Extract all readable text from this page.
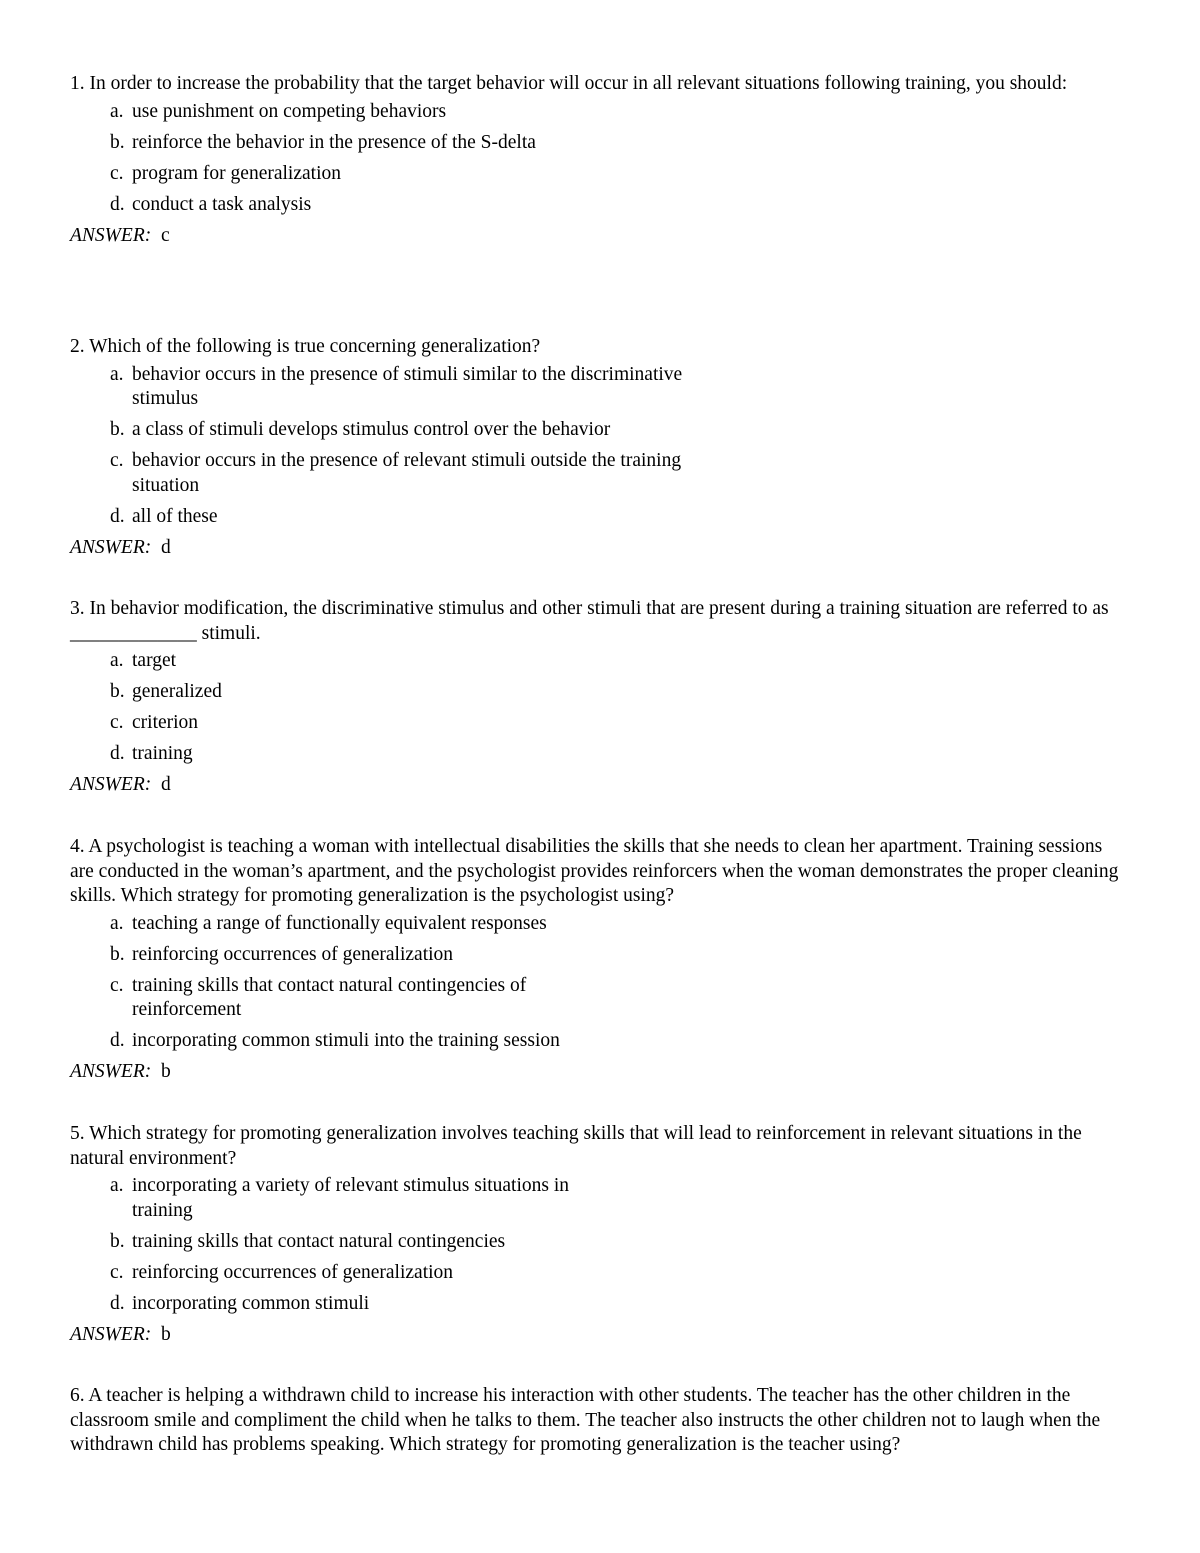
1. In order to increase the probability that the target behavior will occur in all relevant situations following training, you should:

a. use punishment on competing behaviors
b. reinforce the behavior in the presence of the S-delta
c. program for generalization
d. conduct a task analysis

ANSWER: c

2. Which of the following is true concerning generalization?

a. behavior occurs in the presence of stimuli similar to the discriminative stimulus
b. a class of stimuli develops stimulus control over the behavior
c. behavior occurs in the presence of relevant stimuli outside the training situation
d. all of these

ANSWER: d

3. In behavior modification, the discriminative stimulus and other stimuli that are present during a training situation are referred to as _____________ stimuli.

a. target
b. generalized
c. criterion
d. training

ANSWER: d

4. A psychologist is teaching a woman with intellectual disabilities the skills that she needs to clean her apartment. Training sessions are conducted in the woman’s apartment, and the psychologist provides reinforcers when the woman demonstrates the proper cleaning skills. Which strategy for promoting generalization is the psychologist using?

a. teaching a range of functionally equivalent responses
b. reinforcing occurrences of generalization
c. training skills that contact natural contingencies of reinforcement
d. incorporating common stimuli into the training session

ANSWER: b

5. Which strategy for promoting generalization involves teaching skills that will lead to reinforcement in relevant situations in the natural environment?

a. incorporating a variety of relevant stimulus situations in training
b. training skills that contact natural contingencies
c. reinforcing occurrences of generalization
d. incorporating common stimuli

ANSWER: b

6. A teacher is helping a withdrawn child to increase his interaction with other students. The teacher has the other children in the classroom smile and compliment the child when he talks to them. The teacher also instructs the other children not to laugh when the withdrawn child has problems speaking. Which strategy for promoting generalization is the teacher using?
